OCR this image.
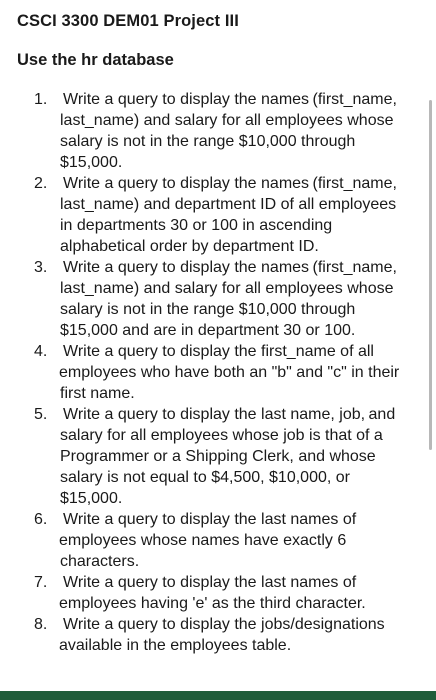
CSCI 3300 DEM01 Project III
Use the hr database
1. Write a query to display the names (first_name, last_name) and salary for all employees whose salary is not in the range $10,000 through $15,000.
2. Write a query to display the names (first_name, last_name) and department ID of all employees in departments 30 or 100 in ascending alphabetical order by department ID.
3. Write a query to display the names (first_name, last_name) and salary for all employees whose salary is not in the range $10,000 through $15,000 and are in department 30 or 100.
4. Write a query to display the first_name of all employees who have both an "b" and "c" in their first name.
5. Write a query to display the last name, job, and salary for all employees whose job is that of a Programmer or a Shipping Clerk, and whose salary is not equal to $4,500, $10,000, or $15,000.
6. Write a query to display the last names of employees whose names have exactly 6 characters.
7. Write a query to display the last names of employees having 'e' as the third character.
8. Write a query to display the jobs/designations available in the employees table.
